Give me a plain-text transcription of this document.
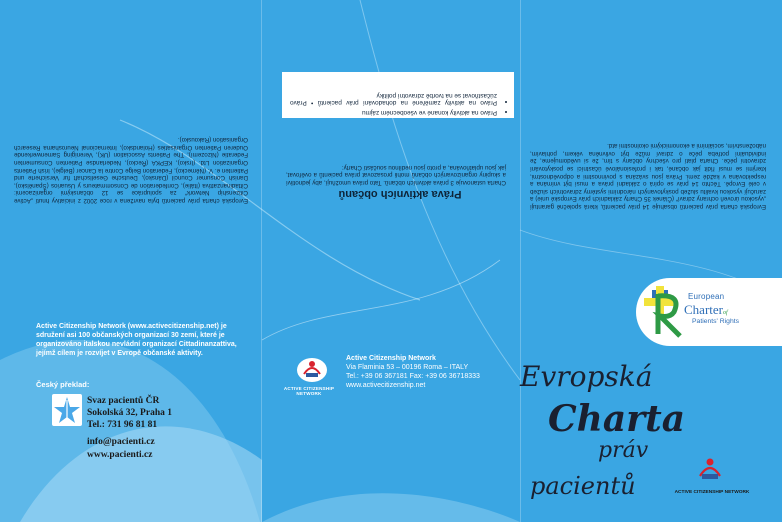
Evropská charta práv pacientů byla navržena v roce 2002 z iniciativy hnutí „Active Citizenship Network“ za spolupráce se 12 občanskými organizacemi: Cittadinanzattiva (Itálie), Confederation de Consommateurs y Usuarios (Španělsko), Danish Consumer Council (Dánsko), Deutsche Gesellschaft fur Versicherte und Patienten e. V. (Německo), Federation Belge Contre la Cancer (Belgie), Irish Patients Organization Ltd. (Irsko), KEPKA (Řecko), Nederlandse Patienten Consumenten Federatie (Nizozemí), The Patients Association (UK), Vereniging Samenwerkende Ouderen Patienten Organisaties (Holandsko), Internacional Neuroshama Research Organisation (Rakousko).

Active Citizenship Network (www.activecitizenship.net) je sdružení asi 100 občanských organizací 30 zemí, které je organizováno italskou nevládní organizací Cittadinanzattiva, jejímž cílem je rozvíjet v Evropě občanské aktivity.

Český překlad:
Svaz pacientů ČR
Sokolská 32, Praha 1
Tel.: 731 96 81 81
info@pacienti.cz
www.pacienti.cz
• Právo na aktivity konané ve všeobecném zájmu
• Právo na aktivity zaměřené na dohadování práv pacientů • Právo zúčastňovat se na tvorbě zdravotní politiky

Charta ustanovuje 3 práva aktivních občanů. Tato práva umožňují, aby jednotliví a skupiny organizovaných občanů mohli prosazovat práva pacientů a ověřovat, jak jsou uplatňována, a proto jsou nedílnou součástí Charty:

Práva aktivních občanů
ACTIVE CITIZENSHIP NETWORK
Active Citizenship Network
Via Flaminia 53 – 00196 Roma – ITALY
Tel.: +39 06 367181 Fax: +39 06 36718333
www.activecitizenship.net

Evropská charta práv pacientů obsahuje 14 práv pacientů, která společně garantují „vysokou úroveň ochrany zdraví“ (Článek 35 Charty základních práv Evropské unie) a zaručují vysokou kvalitu služeb poskytovaných národními systémy zdravotních služeb v celé Evropě. Těchto 14 práv se opírá o základní práva a musí být vnímána a respektována v každé zemi. Práva jsou svázána s povinnostmi a odpovědnostmi, kterými se musí řídit jak občané, tak i profesionálové účastníci se poskytování zdravotní péče. Charta platí pro všechny občany s tím, že si uvědomujeme, že individuální potřeba péče o zdraví může být ovlivněna věkem, pohlavím, náboženstvím, sociálními a ekonomickými okolnostmi atd.

European
Charterof
Patients' Rights
Evropská
Charta
práv
pacientů	ACTIVE CITIZENSHIP NETWORK
